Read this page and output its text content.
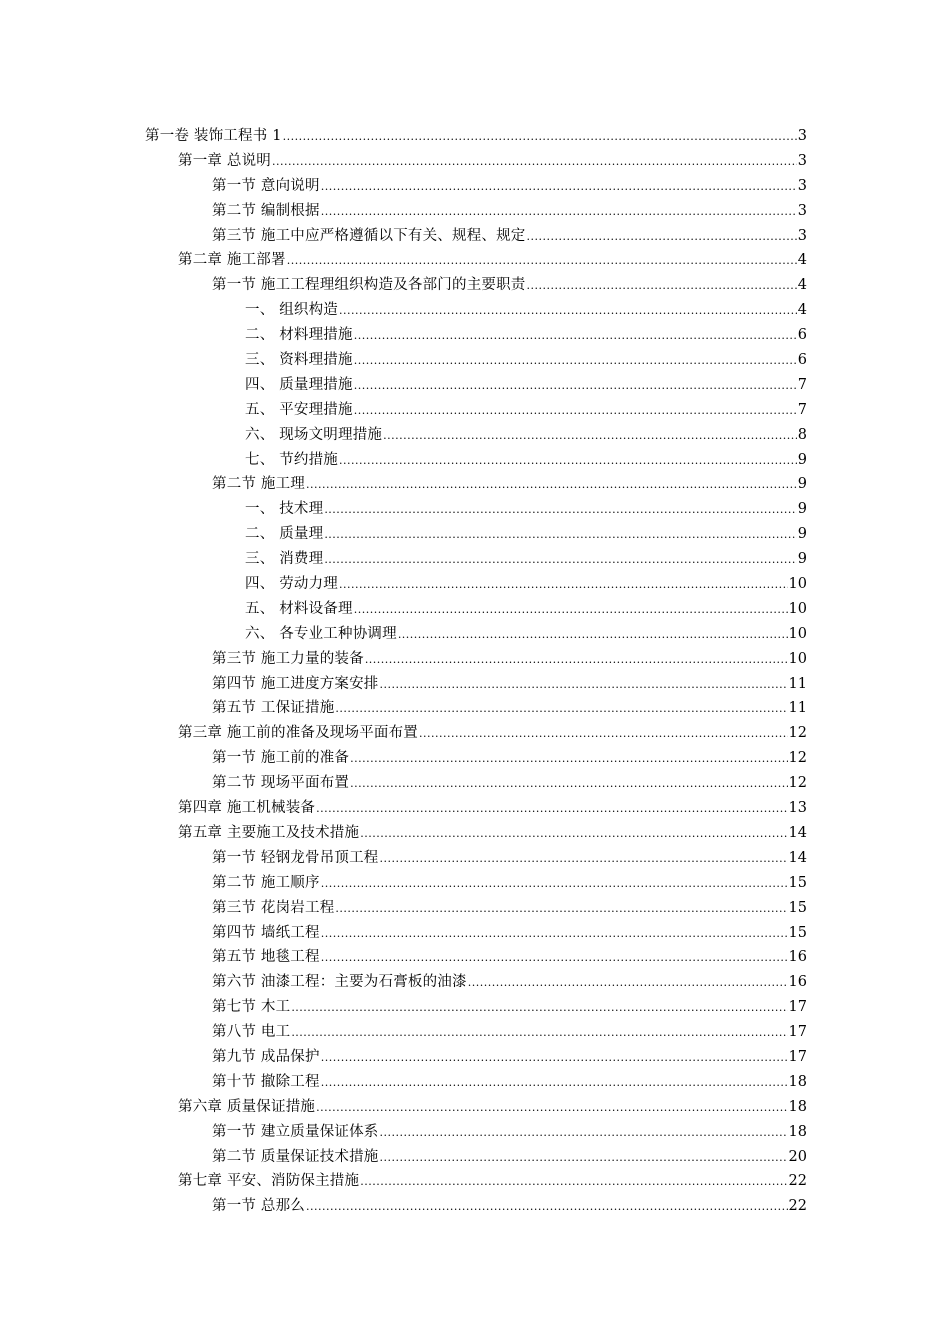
第一卷 装饰工程书 1 .....	3
第一章 总说明 .....	3
第一节 意向说明 .....	3
第二节 编制根据 .....	3
第三节 施工中应严格遵循以下有关、规程、规定 .....	3
第二章 施工部署 .....	4
第一节 施工工程理组织构造及各部门的主要职责 .....	4
一、 组织构造 .....	4
二、 材料理措施 .....	6
三、 资料理措施 .....	6
四、 质量理措施 .....	7
五、 平安理措施 .....	7
六、 现场文明理措施 .....	8
七、 节约措施 .....	9
第二节 施工理 .....	9
一、 技术理 .....	9
二、 质量理 .....	9
三、 消费理 .....	9
四、 劳动力理 .....	10
五、 材料设备理 .....	10
六、 各专业工种协调理 .....	10
第三节 施工力量的装备 .....	10
第四节 施工进度方案安排 .....	11
第五节 工保证措施 .....	11
第三章 施工前的准备及现场平面布置 .....	12
第一节 施工前的准备 .....	12
第二节 现场平面布置 .....	12
第四章 施工机械装备 .....	13
第五章 主要施工及技术措施 .....	14
第一节 轻钢龙骨吊顶工程 .....	14
第二节 施工顺序 .....	15
第三节 花岗岩工程 .....	15
第四节 墙纸工程 .....	15
第五节 地毯工程 .....	16
第六节 油漆工程：主要为石膏板的油漆 .....	16
第七节 木工 .....	17
第八节 电工 .....	17
第九节 成品保护 .....	17
第十节 撤除工程 .....	18
第六章 质量保证措施 .....	18
第一节 建立质量保证体系 .....	18
第二节 质量保证技术措施 .....	20
第七章 平安、消防保主措施 .....	22
第一节 总那么 .....	22
